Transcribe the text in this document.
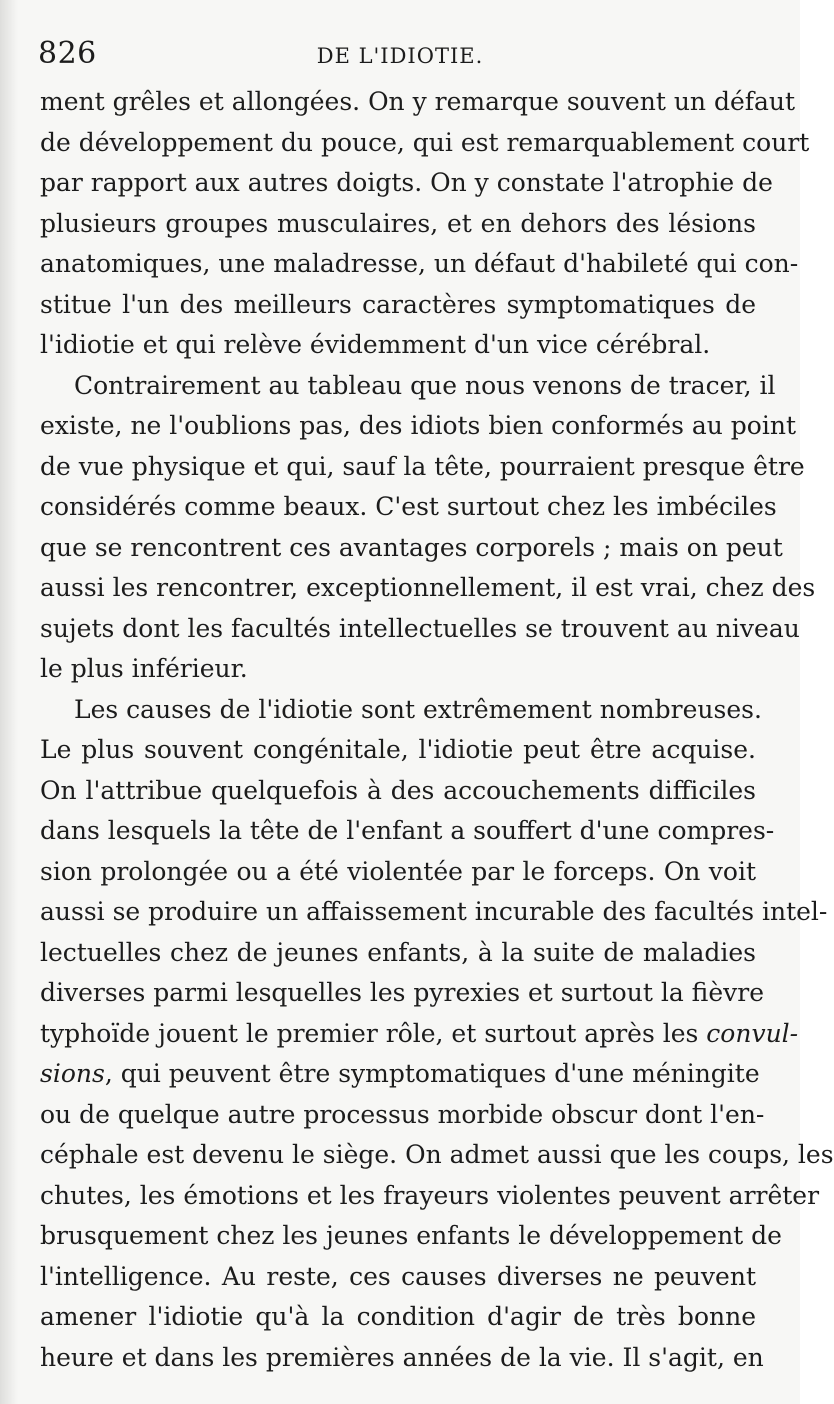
826	DE L'IDIOTIE.
ment grêles et allongées. On y remarque souvent un défaut
de développement du pouce, qui est remarquablement court
par rapport aux autres doigts. On y constate l'atrophie de
plusieurs groupes musculaires, et en dehors des lésions
anatomiques, une maladresse, un défaut d'habileté qui con-
stitue l'un des meilleurs caractères symptomatiques de
l'idiotie et qui relève évidemment d'un vice cérébral.
Contrairement au tableau que nous venons de tracer, il
existe, ne l'oublions pas, des idiots bien conformés au point
de vue physique et qui, sauf la tête, pourraient presque être
considérés comme beaux. C'est surtout chez les imbéciles
que se rencontrent ces avantages corporels ; mais on peut
aussi les rencontrer, exceptionnellement, il est vrai, chez des
sujets dont les facultés intellectuelles se trouvent au niveau
le plus inférieur.
Les causes de l'idiotie sont extrêmement nombreuses.
Le plus souvent congénitale, l'idiotie peut être acquise.
On l'attribue quelquefois à des accouchements difficiles
dans lesquels la tête de l'enfant a souffert d'une compres-
sion prolongée ou a été violentée par le forceps. On voit
aussi se produire un affaissement incurable des facultés intel-
lectuelles chez de jeunes enfants, à la suite de maladies
diverses parmi lesquelles les pyrexies et surtout la fièvre
typhoïde jouent le premier rôle, et surtout après les convul-
sions, qui peuvent être symptomatiques d'une méningite
ou de quelque autre processus morbide obscur dont l'en-
céphale est devenu le siège. On admet aussi que les coups, les
chutes, les émotions et les frayeurs violentes peuvent arrêter
brusquement chez les jeunes enfants le développement de
l'intelligence. Au reste, ces causes diverses ne peuvent
amener l'idiotie qu'à la condition d'agir de très bonne
heure et dans les premières années de la vie. Il s'agit, en
